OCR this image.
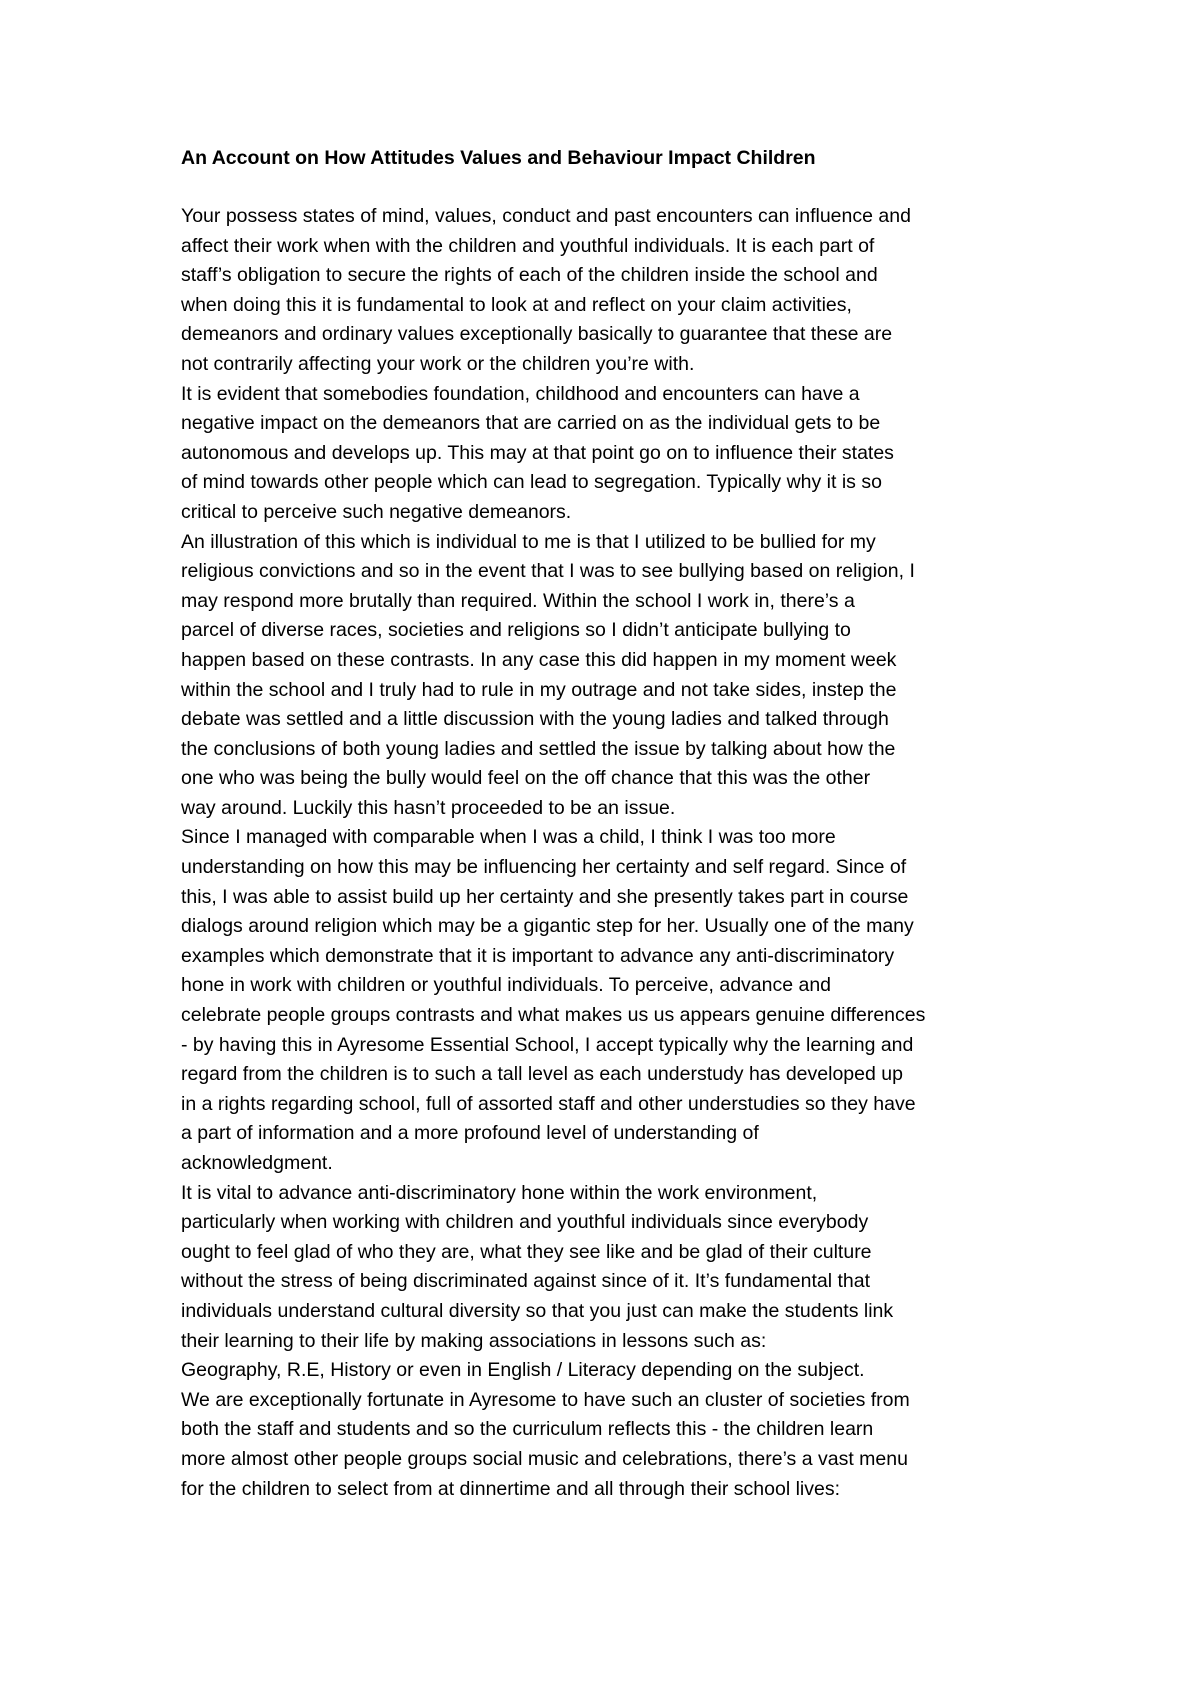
An Account on How Attitudes Values and Behaviour Impact Children
Your possess states of mind, values, conduct and past encounters can influence and
affect their work when with the children and youthful individuals. It is each part of
staff’s obligation to secure the rights of each of the children inside the school and
when doing this it is fundamental to look at and reflect on your claim activities,
demeanors and ordinary values exceptionally basically to guarantee that these are
not contrarily affecting your work or the children you’re with.
It is evident that somebodies foundation, childhood and encounters can have a
negative impact on the demeanors that are carried on as the individual gets to be
autonomous and develops up. This may at that point go on to influence their states
of mind towards other people which can lead to segregation. Typically why it is so
critical to perceive such negative demeanors.
An illustration of this which is individual to me is that I utilized to be bullied for my
religious convictions and so in the event that I was to see bullying based on religion, I
may respond more brutally than required. Within the school I work in, there’s a
parcel of diverse races, societies and religions so I didn’t anticipate bullying to
happen based on these contrasts. In any case this did happen in my moment week
within the school and I truly had to rule in my outrage and not take sides, instep the
debate was settled and a little discussion with the young ladies and talked through
the conclusions of both young ladies and settled the issue by talking about how the
one who was being the bully would feel on the off chance that this was the other
way around. Luckily this hasn’t proceeded to be an issue.
Since I managed with comparable when I was a child, I think I was too more
understanding on how this may be influencing her certainty and self regard. Since of
this, I was able to assist build up her certainty and she presently takes part in course
dialogs around religion which may be a gigantic step for her. Usually one of the many
examples which demonstrate that it is important to advance any anti-discriminatory
hone in work with children or youthful individuals. To perceive, advance and
celebrate people groups contrasts and what makes us us appears genuine differences
- by having this in Ayresome Essential School, I accept typically why the learning and
regard from the children is to such a tall level as each understudy has developed up
in a rights regarding school, full of assorted staff and other understudies so they have
a part of information and a more profound level of understanding of
acknowledgment.
It is vital to advance anti-discriminatory hone within the work environment,
particularly when working with children and youthful individuals since everybody
ought to feel glad of who they are, what they see like and be glad of their culture
without the stress of being discriminated against since of it. It’s fundamental that
individuals understand cultural diversity so that you just can make the students link
their learning to their life by making associations in lessons such as:
Geography, R.E, History or even in English / Literacy depending on the subject.
We are exceptionally fortunate in Ayresome to have such an cluster of societies from
both the staff and students and so the curriculum reflects this - the children learn
more almost other people groups social music and celebrations, there’s a vast menu
for the children to select from at dinnertime and all through their school lives:
